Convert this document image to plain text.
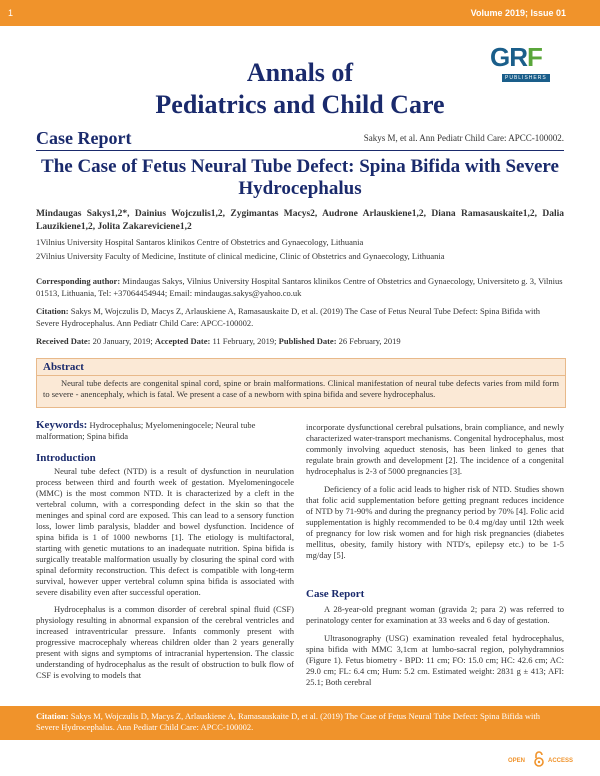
1	Volume 2019; Issue 01
Annals of
Pediatrics and Child Care
GRF
PUBLISHERS
Case Report	Sakys M, et al. Ann Pediatr Child Care: APCC-100002.
The Case of Fetus Neural Tube Defect: Spina Bifida with Severe Hydrocephalus
Mindaugas Sakys1,2*, Dainius Wojczulis1,2, Zygimantas Macys2, Audrone Arlauskiene1,2, Diana Ramasauskaite1,2, Dalia Lauzikiene1,2, Jolita Zakareviciene1,2
1Vilnius University Hospital Santaros klinikos Centre of Obstetrics and Gynaecology, Lithuania
2Vilnius University Faculty of Medicine, Institute of clinical medicine, Clinic of Obstetrics and Gynaecology, Lithuania
Corresponding author: Mindaugas Sakys, Vilnius University Hospital Santaros klinikos Centre of Obstetrics and Gynaecology, Universiteto g. 3, Vilnius 01513, Lithuania, Tel: +37064454944; Email: mindaugas.sakys@yahoo.co.uk
Citation: Sakys M, Wojczulis D, Macys Z, Arlauskiene A, Ramasauskaite D, et al. (2019) The Case of Fetus Neural Tube Defect: Spina Bifida with Severe Hydrocephalus. Ann Pediatr Child Care: APCC-100002.
Received Date: 20 January, 2019; Accepted Date: 11 February, 2019; Published Date: 26 February, 2019
Abstract

Neural tube defects are congenital spinal cord, spine or brain malformations. Clinical manifestation of neural tube defects varies from mild form to severe - anencephaly, which is fatal. We present a case of a newborn with spina bifida and severe hydrocephalus.

Keywords: Hydrocephalus; Myelomeningocele; Neural tube malformation; Spina bifida
Introduction

Neural tube defect (NTD) is a result of dysfunction in neurulation process between third and fourth week of gestation. Myelomeningocele (MMC) is the most common NTD. It is characterized by a cleft in the vertebral column, with a corresponding defect in the skin so that the meninges and spinal cord are exposed. This can lead to a sensory function loss, lower limb paralysis, bladder and bowel dysfunction. Incidence of spina bifida is 1 of 1000 newborns [1]. The etiology is multifactoral, starting with genetic mutations to an inadequate nutrition. Spina bifida is surgically treatable malformation usually by closuring the spinal cord with spinal deformity reconstruction. This defect is compatible with long-term survival, however upper vertebral column spina bifida is associated with severe disability even after successful operation.

Hydrocephalus is a common disorder of cerebral spinal fluid (CSF) physiology resulting in abnormal expansion of the cerebral ventricles and increased intraventricular pressure. Infants commonly present with progressive macrocephaly whereas children older than 2 years generally present with signs and symptoms of intracranial hypertension. The classic understanding of hydrocephalus as the result of obstruction to bulk flow of CSF is evolving to models that

incorporate dysfunctional cerebral pulsations, brain compliance, and newly characterized water-transport mechanisms. Congenital hydrocephalus, most commonly involving aqueduct stenosis, has been linked to genes that regulate brain growth and development [2]. The incidence of a congenital hydrocephalus is 2-3 of 5000 pregnancies [3].

Deficiency of a folic acid leads to higher risk of NTD. Studies shown that folic acid supplementation before getting pregnant reduces incidence of NTD by 71-90% and during the pregnancy period by 70% [4]. Folic acid supplementation is highly recommended to be 0.4 mg/day until 12th week of pregnancy for low risk women and for high risk pregnancies (diabetes mellitus, obesity, family history with NTD's, epilepsy etc.) to be 1-5 mg/day [5].

Case Report

A 28-year-old pregnant woman (gravida 2; para 2) was referred to perinatology center for examination at 33 weeks and 6 day of gestation.

Ultrasonography (USG) examination revealed fetal hydrocephalus, spina bifida with MMC 3,1cm at lumbo-sacral region, polyhydramnios (Figure 1). Fetus biometry - BPD: 11 cm; FO: 15.0 cm; HC: 42.6 cm; AC: 29.0 cm; FL: 6.4 cm; Hum: 5.2 cm. Estimated weight: 2831 g ± 413; AFI: 25.1; Both cerebral

Citation: Sakys M, Wojczulis D, Macys Z, Arlauskiene A, Ramasauskaite D, et al. (2019) The Case of Fetus Neural Tube Defect: Spina Bifida with Severe Hydrocephalus. Ann Pediatr Child Care: APCC-100002.

OPEN	ACCESS
